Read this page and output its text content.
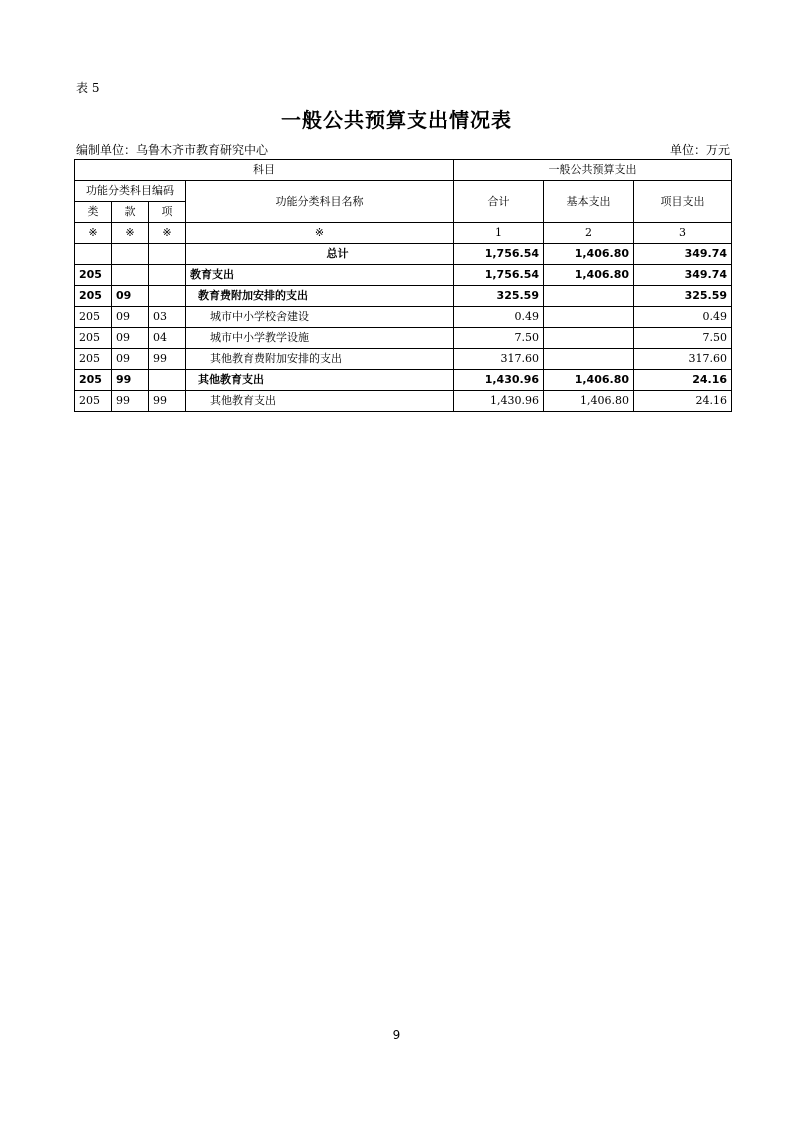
表 5
一般公共预算支出情况表
编制单位：乌鲁木齐市教育研究中心	单位：万元
科目				一般公共预算支出		
功能分类科目编码			功能分类科目名称	合计	基本支出	项目支出
类	款	项				
※	※	※	※	1	2	3
			总计	1,756.54	1,406.80	349.74
205			教育支出	1,756.54	1,406.80	349.74
205	09		教育费附加安排的支出	325.59		325.59
205	09	03	城市中小学校舍建设	0.49		0.49
205	09	04	城市中小学教学设施	7.50		7.50
205	09	99	其他教育费附加安排的支出	317.60		317.60
205	99		其他教育支出	1,430.96	1,406.80	24.16
205	99	99	其他教育支出	1,430.96	1,406.80	24.16
9
